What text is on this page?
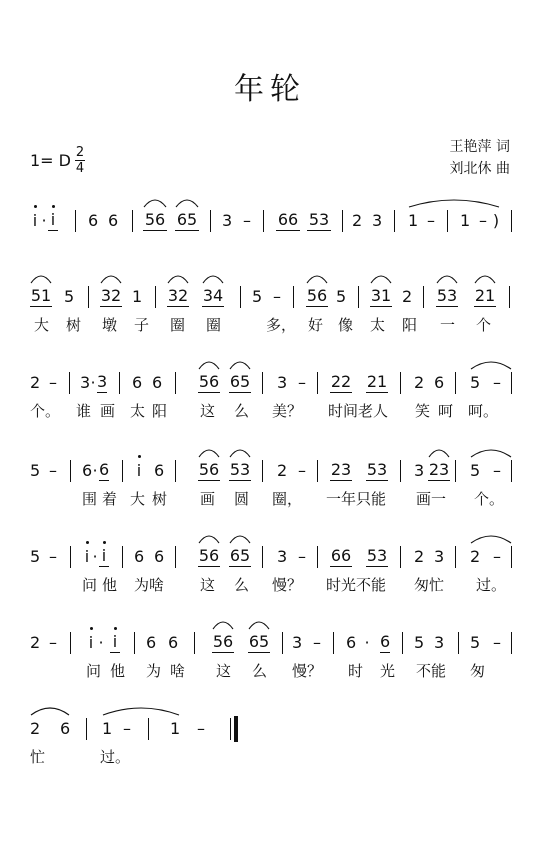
年轮
1= D $\frac{2}{4}$	王艳萍 词
刘北休 曲
i · i 6 6 56 65 3 – 66 53 2 3 1 – 1 – )
51 5 32 1 32 34 5 – 56 5 31 2 53 21
大 树 墩 子 圈 圈	多， 好 像 太 阳 一 个
2 – 3 · 3 6 6 56 65 3 – 22 21 2 6 5 –
个。 谁 画 太 阳 这 么 美？ 时间老人 笑 呵 呵。
5 – 6 · 6 i 6 56 53 2 – 23 53 3 23 5 –
围 着 大 树 画 圆 圈， 一年只能 画一 个。
5 – i · i 6 6 56 65 3 – 66 53 2 3 2 –
问 他 为啥 这 么 慢？ 时光不能 匆忙 过。
2 – i · i 6 6 56 65 3 – 6 · 6 5 3 5 –
问 他 为 啥 这 么 慢？ 时 光 不能 匆
2 6 1 – 1 –
忙	过。
